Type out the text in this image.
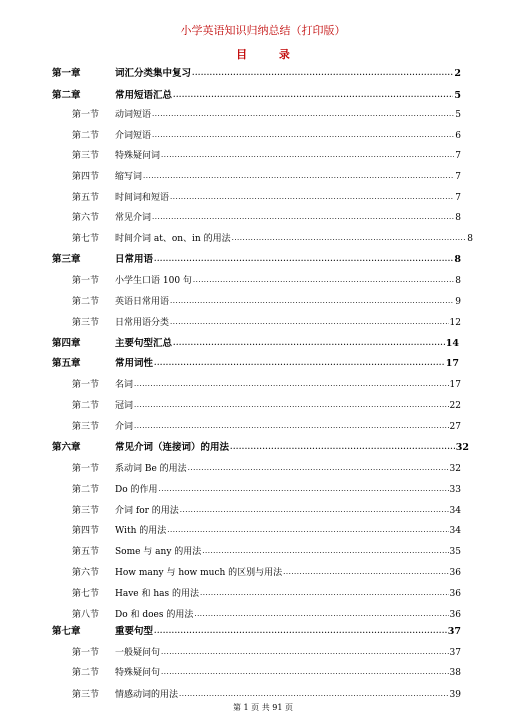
小学英语知识归纳总结（打印版）
目 录
第一章	词汇分类集中复习 .....	2
第二章	常用短语汇总 .....	5
第一节	动词短语 .....	5
第二节	介词短语 .....	6
第三节	特殊疑问词 .....	7
第四节	缩写词 .....	7
第五节	时间词和短语 .....	7
第六节	常见介词 .....	8
第七节	时间介词 at、on、in 的用法 .....	8
第三章	日常用语 .....	8
第一节	小学生口语 100 句 .....	8
第二节	英语日常用语 .....	9
第三节	日常用语分类 .....	12
第四章	主要句型汇总 .....	14
第五章	常用词性 .....	17
第一节	名词 .....	17
第二节	冠词 .....	22
第三节	介词 .....	27
第六章	常见介词（连接词）的用法 .....	32
第一节	系动词 Be 的用法 .....	32
第二节	Do 的作用 .....	33
第三节	介词 for 的用法 .....	34
第四节	With 的用法 .....	34
第五节	Some 与 any 的用法 .....	35
第六节	How many 与 how much 的区别与用法 .....	36
第七节	Have 和 has 的用法 .....	36
第八节	Do 和 does 的用法 .....	36
第七章	重要句型 .....	37
第一节	一般疑问句 .....	37
第二节	特殊疑问句 .....	38
第三节	情感动词的用法 .....	39
第 1 页 共 91 页
